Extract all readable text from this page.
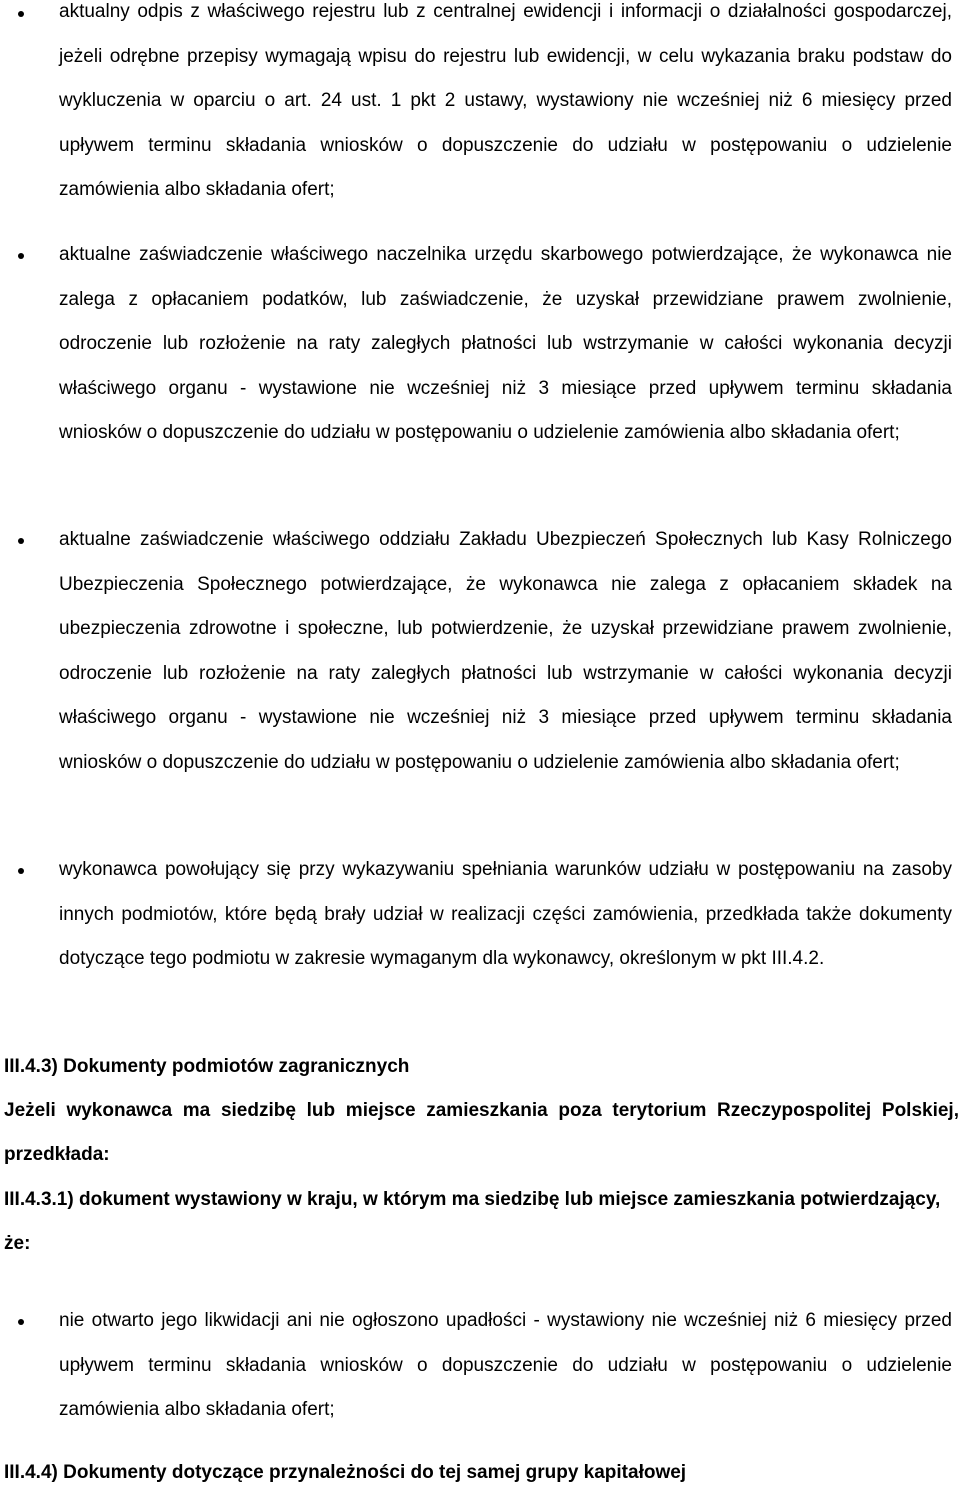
aktualny odpis z właściwego rejestru lub z centralnej ewidencji i informacji o działalności gospodarczej, jeżeli odrębne przepisy wymagają wpisu do rejestru lub ewidencji, w celu wykazania braku podstaw do wykluczenia w oparciu o art. 24 ust. 1 pkt 2 ustawy, wystawiony nie wcześniej niż 6 miesięcy przed upływem terminu składania wniosków o dopuszczenie do udziału w postępowaniu o udzielenie zamówienia albo składania ofert;

aktualne zaświadczenie właściwego naczelnika urzędu skarbowego potwierdzające, że wykonawca nie zalega z opłacaniem podatków, lub zaświadczenie, że uzyskał przewidziane prawem zwolnienie, odroczenie lub rozłożenie na raty zaległych płatności lub wstrzymanie w całości wykonania decyzji właściwego organu - wystawione nie wcześniej niż 3 miesiące przed upływem terminu składania wniosków o dopuszczenie do udziału w postępowaniu o udzielenie zamówienia albo składania ofert;

aktualne zaświadczenie właściwego oddziału Zakładu Ubezpieczeń Społecznych lub Kasy Rolniczego Ubezpieczenia Społecznego potwierdzające, że wykonawca nie zalega z opłacaniem składek na ubezpieczenia zdrowotne i społeczne, lub potwierdzenie, że uzyskał przewidziane prawem zwolnienie, odroczenie lub rozłożenie na raty zaległych płatności lub wstrzymanie w całości wykonania decyzji właściwego organu - wystawione nie wcześniej niż 3 miesiące przed upływem terminu składania wniosków o dopuszczenie do udziału w postępowaniu o udzielenie zamówienia albo składania ofert;

wykonawca powołujący się przy wykazywaniu spełniania warunków udziału w postępowaniu na zasoby innych podmiotów, które będą brały udział w realizacji części zamówienia, przedkłada także dokumenty dotyczące tego podmiotu w zakresie wymaganym dla wykonawcy, określonym w pkt III.4.2.

III.4.3) Dokumenty podmiotów zagranicznych

Jeżeli wykonawca ma siedzibę lub miejsce zamieszkania poza terytorium Rzeczypospolitej Polskiej, przedkłada:

III.4.3.1) dokument wystawiony w kraju, w którym ma siedzibę lub miejsce zamieszkania potwierdzający, że:

nie otwarto jego likwidacji ani nie ogłoszono upadłości - wystawiony nie wcześniej niż 6 miesięcy przed upływem terminu składania wniosków o dopuszczenie do udziału w postępowaniu o udzielenie zamówienia albo składania ofert;

III.4.4) Dokumenty dotyczące przynależności do tej samej grupy kapitałowej
